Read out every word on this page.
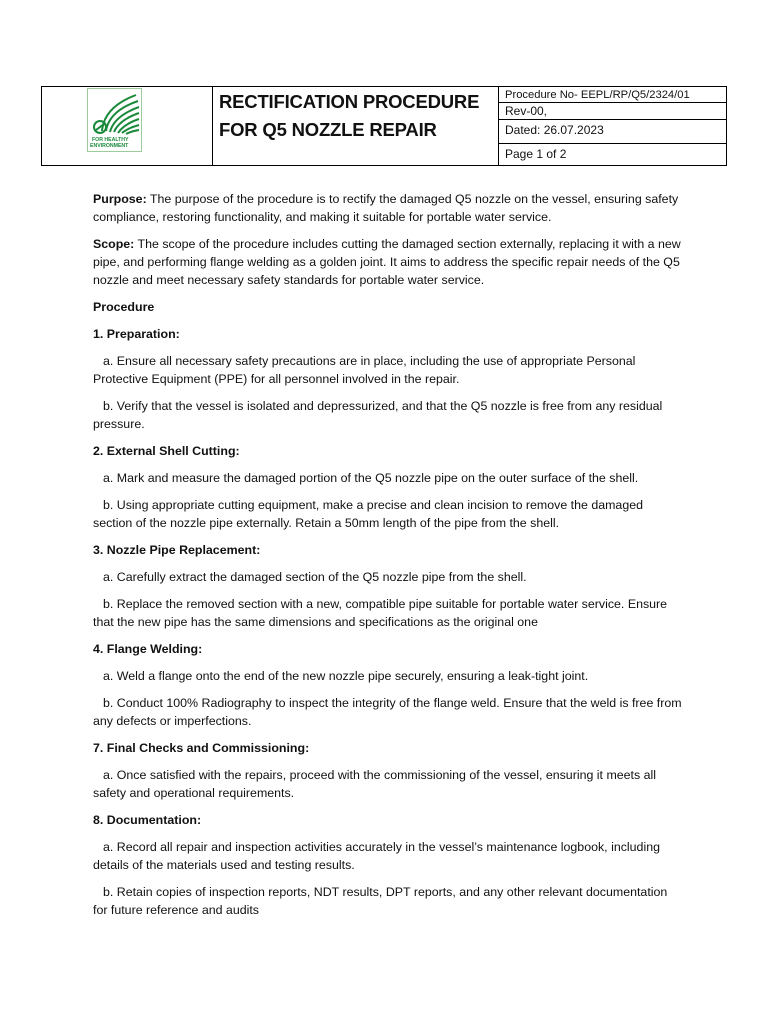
FOR HEALTHY
ENVIRONMENT
RECTIFICATION PROCEDURE
FOR Q5 NOZZLE REPAIR
Procedure No- EEPL/RP/Q5/2324/01
Rev-00,
Dated: 26.07.2023
Page 1 of 2

Purpose: The purpose of the procedure is to rectify the damaged Q5 nozzle on the vessel, ensuring safety compliance, restoring functionality, and making it suitable for portable water service.

Scope: The scope of the procedure includes cutting the damaged section externally, replacing it with a new pipe, and performing flange welding as a golden joint. It aims to address the specific repair needs of the Q5 nozzle and meet necessary safety standards for portable water service.

Procedure

1. Preparation:

a. Ensure all necessary safety precautions are in place, including the use of appropriate Personal Protective Equipment (PPE) for all personnel involved in the repair.

b. Verify that the vessel is isolated and depressurized, and that the Q5 nozzle is free from any residual pressure.

2. External Shell Cutting:

a. Mark and measure the damaged portion of the Q5 nozzle pipe on the outer surface of the shell.

b. Using appropriate cutting equipment, make a precise and clean incision to remove the damaged section of the nozzle pipe externally. Retain a 50mm length of the pipe from the shell.

3. Nozzle Pipe Replacement:

a. Carefully extract the damaged section of the Q5 nozzle pipe from the shell.

b. Replace the removed section with a new, compatible pipe suitable for portable water service. Ensure that the new pipe has the same dimensions and specifications as the original one

4. Flange Welding:

a. Weld a flange onto the end of the new nozzle pipe securely, ensuring a leak-tight joint.

b. Conduct 100% Radiography to inspect the integrity of the flange weld. Ensure that the weld is free from any defects or imperfections.

7. Final Checks and Commissioning:

a. Once satisfied with the repairs, proceed with the commissioning of the vessel, ensuring it meets all safety and operational requirements.

8. Documentation:

a. Record all repair and inspection activities accurately in the vessel’s maintenance logbook, including details of the materials used and testing results.

b. Retain copies of inspection reports, NDT results, DPT reports, and any other relevant documentation for future reference and audits
